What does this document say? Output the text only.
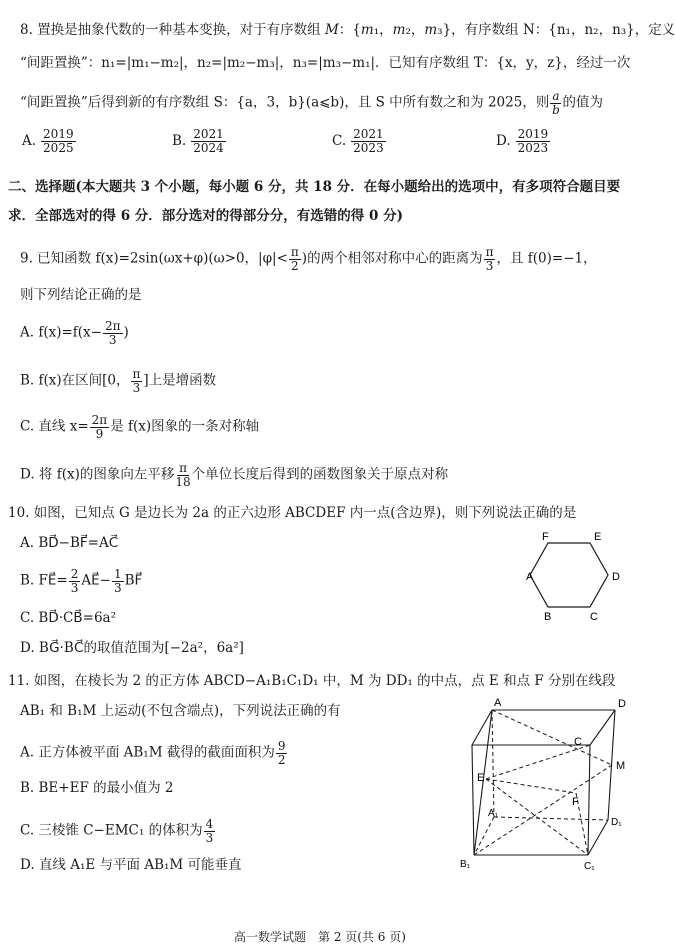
8. 置换是抽象代数的一种基本变换，对于有序数组 M：{m₁，m₂，m₃}，有序数组 N：{n₁，n₂，n₃}，定义
“间距置换”：n₁=|m₁−m₂|，n₂=|m₂−m₃|，n₃=|m₃−m₁|．已知有序数组 T：{x，y，z}，经过一次
“间距置换”后得到新的有序数组 S：{a，3，b}(a⩽b)，且 S 中所有数之和为 2025，则 $\frac{a}{b}$ 的值为
A. 2019
2025	B. 2021
2024	C. 2021
2023	D. 2019
2023
二、选择题(本大题共 3 个小题，每小题 6 分，共 18 分．在每小题给出的选项中，有多项符合题目要
求．全部选对的得 6 分．部分选对的得部分分，有选错的得 0 分)
9. 已知函数 f(x)=2sin(ωx+φ)(ω>0，$|\varphi|< \frac{\pi}{2}$ )的两个相邻对称中心的距离为 $\frac{\pi}{3}$ ，且 f(0)=−1，
则下列结论正确的是
A. $f(x)=f(x- \frac{2\pi}{3}$ )
B. f(x)在区间[0， $\frac{\pi}{3}$ ]上是增函数
C. 直线 $x= \frac{2\pi}{9}$ 是 f(x)图象的一条对称轴
D. 将 f(x)的图象向左平移 $\frac{\pi}{18}$ 个单位长度后得到的函数图象关于原点对称
10. 如图，已知点 G 是边长为 2a 的正六边形 ABCDEF 内一点(含边界)，则下列说法正确的是
A. BD⃗−BF⃗=AC⃗
B. FE⃗= $\frac{2}{3}$ AE⃗− $\frac{1}{3}$ BF⃗
C. BD⃗·CB⃗=6a²
D. BG⃗·BC⃗的取值范围为[−2a²，6a²]
A
B	C
D
E
F
11. 如图，在棱长为 2 的正方体 ABCD−A₁B₁C₁D₁ 中，M 为 DD₁ 的中点，点 E 和点 F 分别在线段
AB₁ 和 B₁M 上运动(不包含端点)，下列说法正确的有
A. 正方体被平面 AB₁M 截得的截面面积为 $\frac{9}{2}$
B. BE+EF 的最小值为 2
C. 三棱锥 C−EMC₁ 的体积为 $\frac{4}{3}$
D. 直线 A₁E 与平面 AB₁M 可能垂直
A	D
C
M
E
F
A₁
D₁
B₁	C₁
高一数学试题　第 2 页(共 6 页)
